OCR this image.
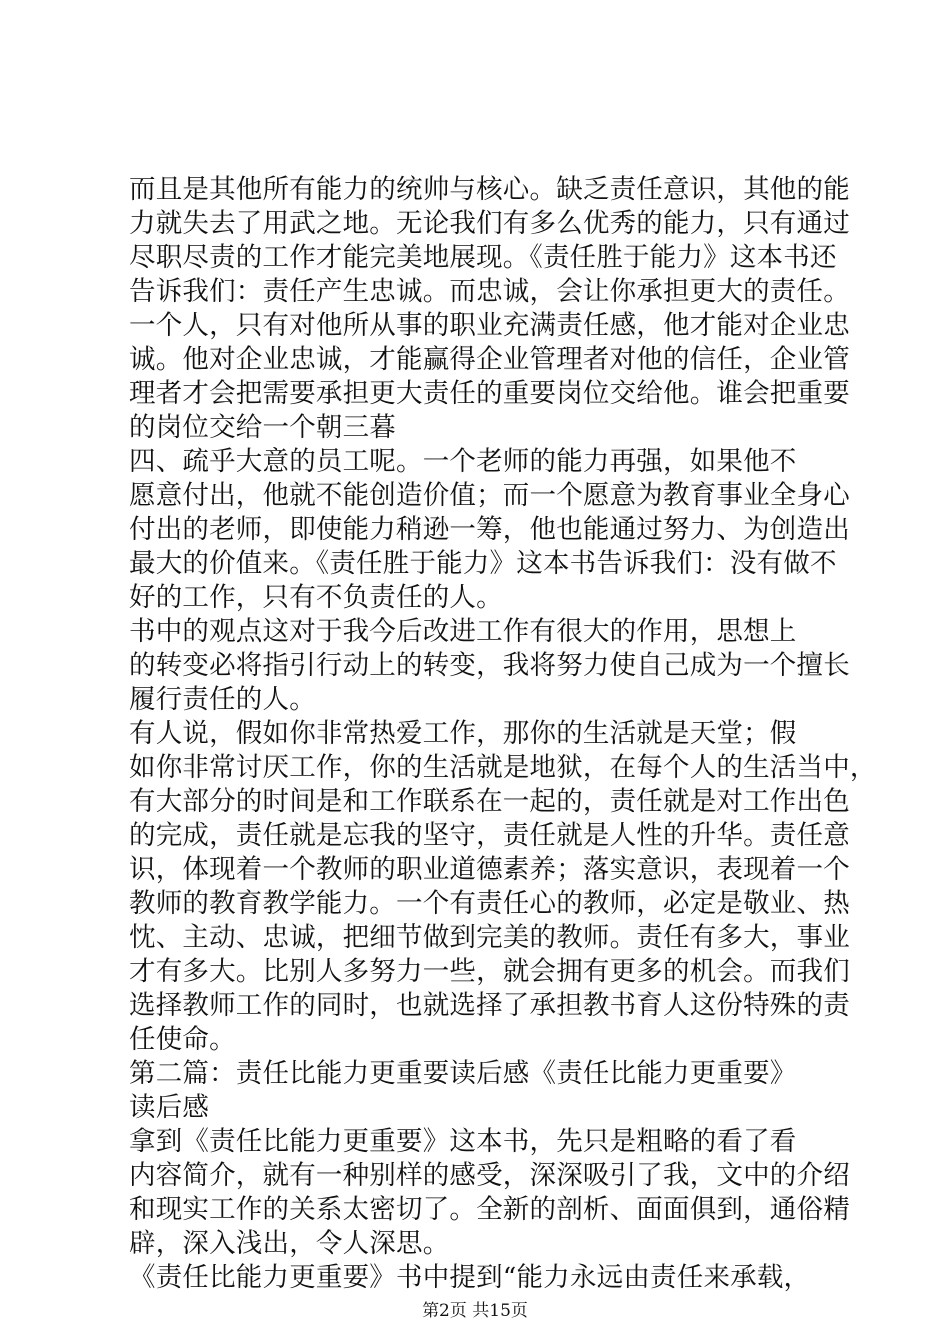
而且是其他所有能力的统帅与核心。缺乏责任意识，其他的能
力就失去了用武之地。无论我们有多么优秀的能力，只有通过
尽职尽责的工作才能完美地展现。《责任胜于能力》这本书还
告诉我们：责任产生忠诚。而忠诚，会让你承担更大的责任。
一个人，只有对他所从事的职业充满责任感，他才能对企业忠
诚。他对企业忠诚，才能赢得企业管理者对他的信任，企业管
理者才会把需要承担更大责任的重要岗位交给他。谁会把重要
的岗位交给一个朝三暮
四、疏乎大意的员工呢。一个老师的能力再强，如果他不
愿意付出，他就不能创造价值；而一个愿意为教育事业全身心
付出的老师，即使能力稍逊一筹，他也能通过努力、为创造出
最大的价值来。《责任胜于能力》这本书告诉我们：没有做不
好的工作，只有不负责任的人。
书中的观点这对于我今后改进工作有很大的作用，思想上
的转变必将指引行动上的转变，我将努力使自己成为一个擅长
履行责任的人。
有人说，假如你非常热爱工作，那你的生活就是天堂；假
如你非常讨厌工作，你的生活就是地狱，在每个人的生活当中，
有大部分的时间是和工作联系在一起的，责任就是对工作出色
的完成，责任就是忘我的坚守，责任就是人性的升华。责任意
识，体现着一个教师的职业道德素养；落实意识，表现着一个
教师的教育教学能力。一个有责任心的教师，必定是敬业、热
忱、主动、忠诚，把细节做到完美的教师。责任有多大，事业
才有多大。比别人多努力一些，就会拥有更多的机会。而我们
选择教师工作的同时，也就选择了承担教书育人这份特殊的责
任使命。
第二篇：责任比能力更重要读后感《责任比能力更重要》
读后感
拿到《责任比能力更重要》这本书，先只是粗略的看了看
内容简介，就有一种别样的感受，深深吸引了我，文中的介绍
和现实工作的关系太密切了。全新的剖析、面面俱到，通俗精
辟，深入浅出，令人深思。
《责任比能力更重要》书中提到“能力永远由责任来承载，
第2页 共15页
